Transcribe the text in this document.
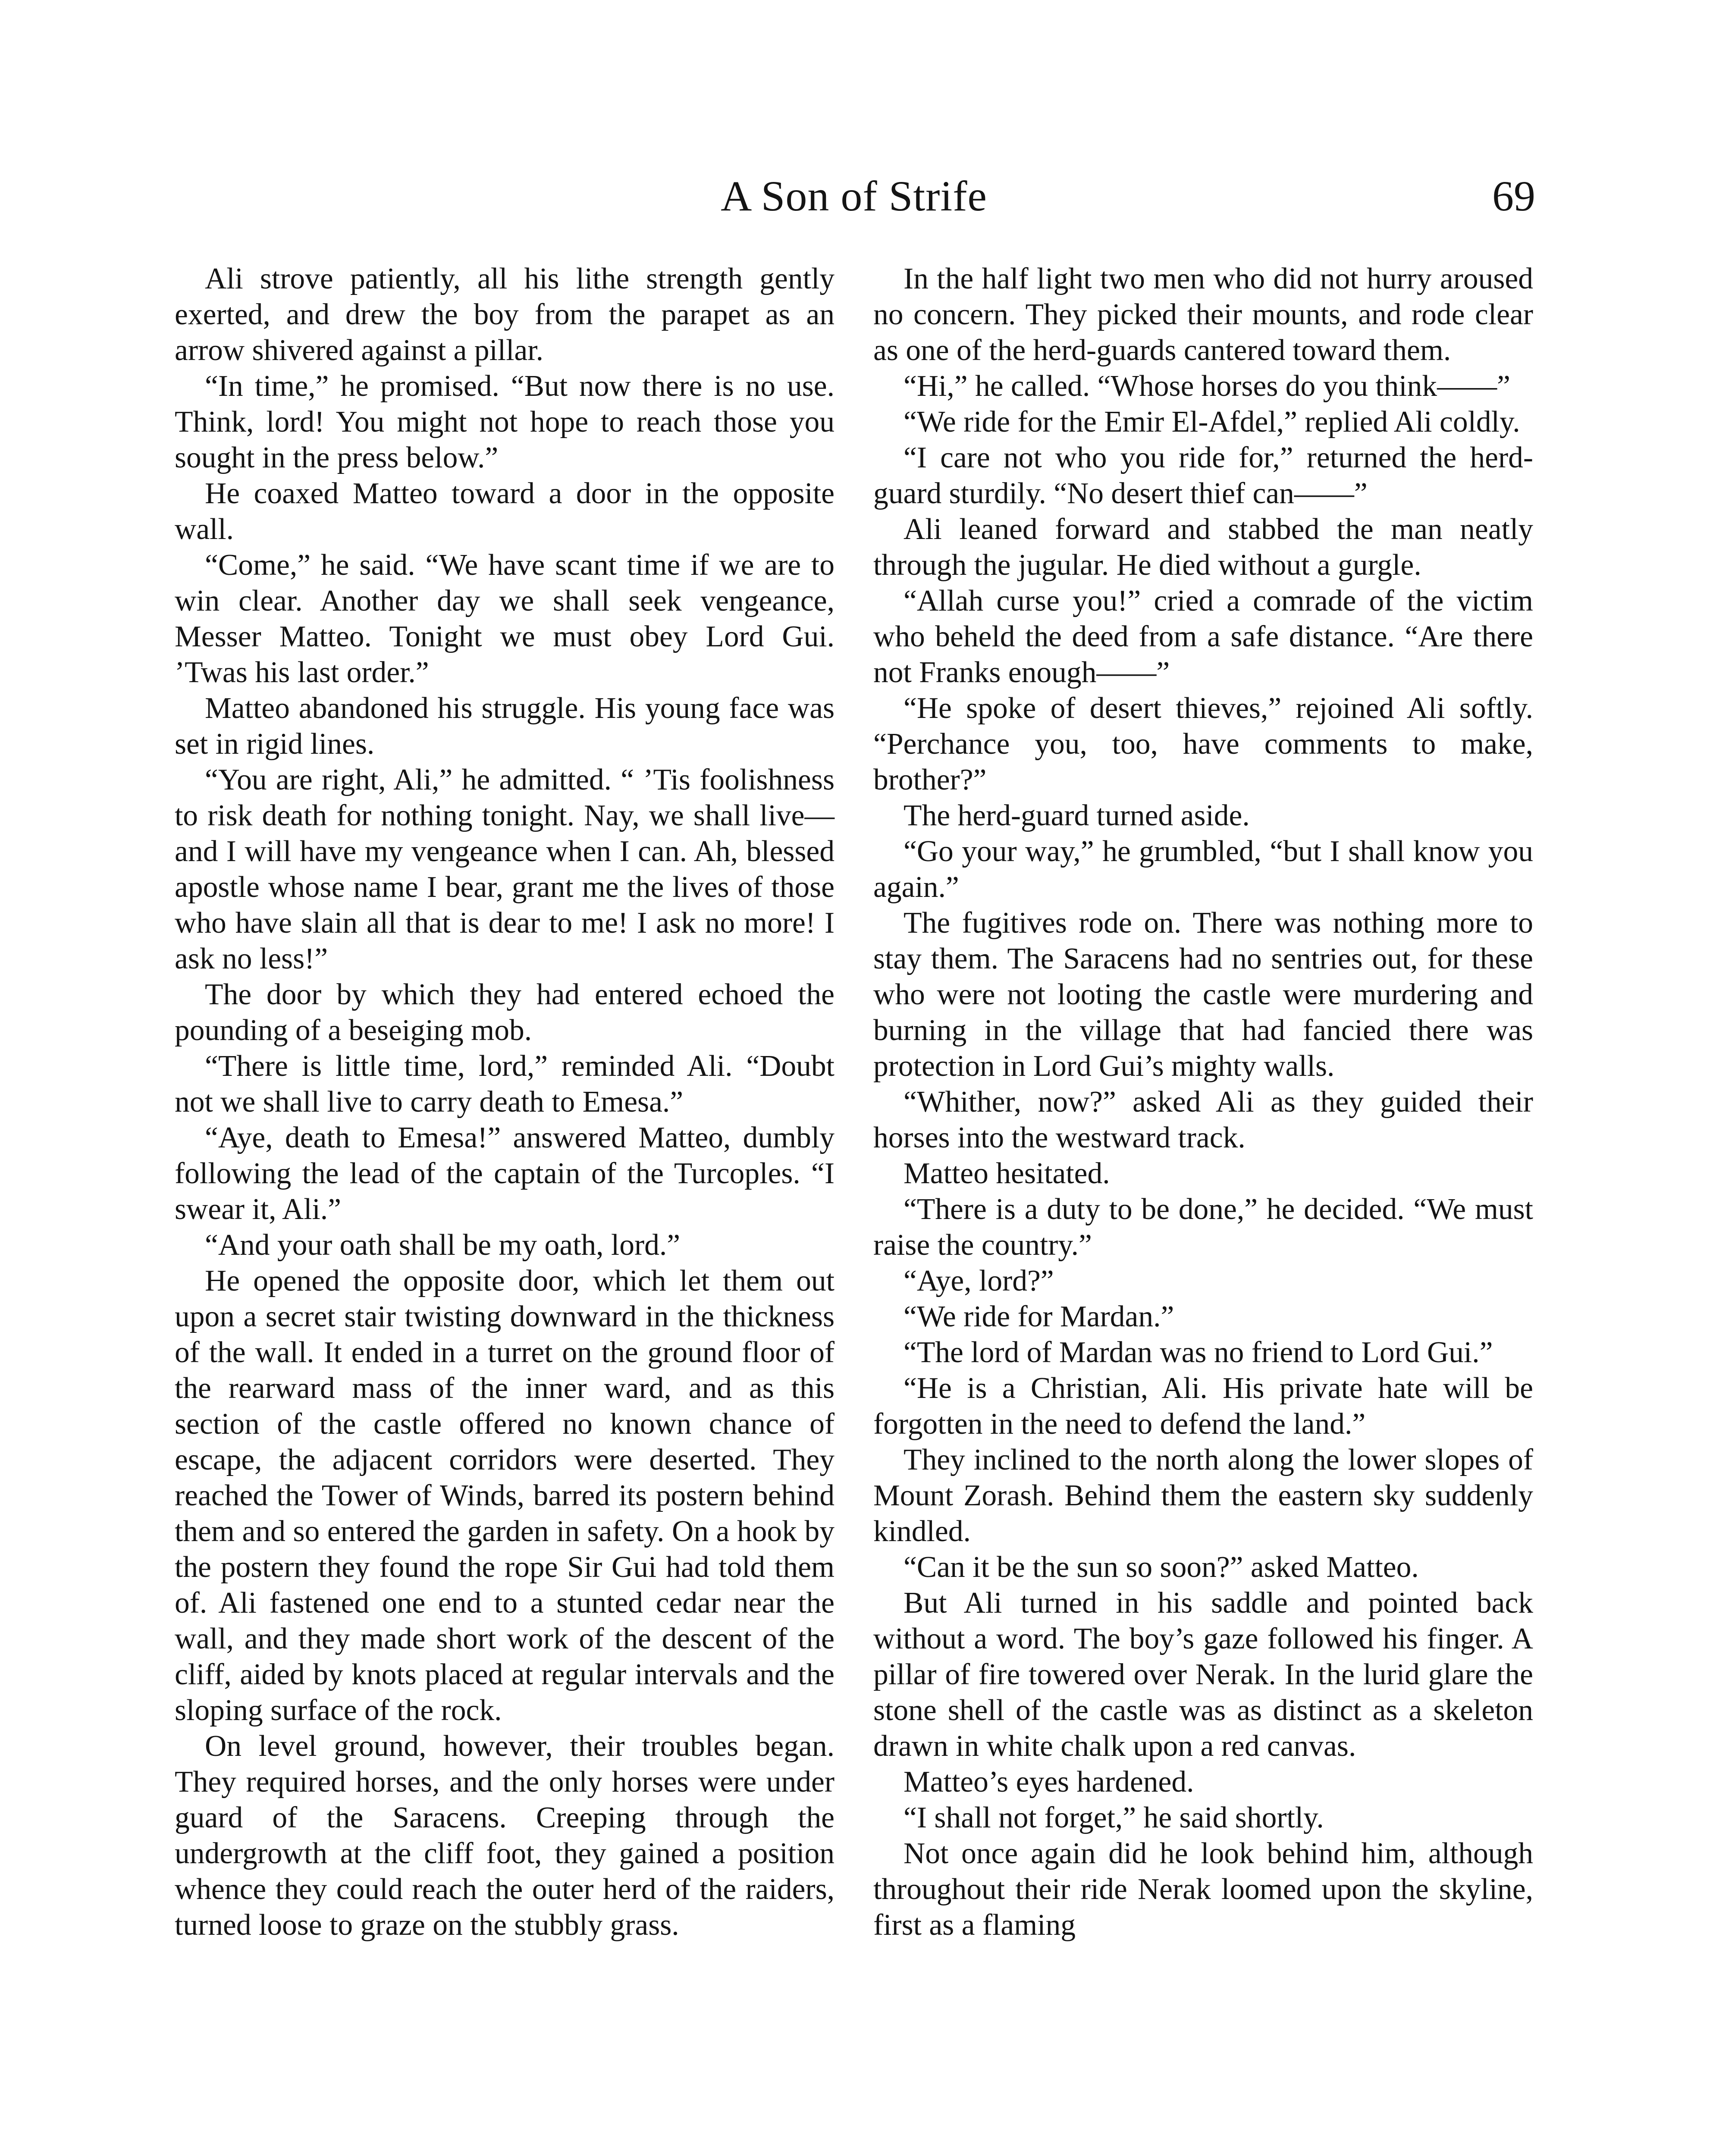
A Son of Strife	69

Ali strove patiently, all his lithe strength gently exerted, and drew the boy from the parapet as an arrow shivered against a pillar.

“In time,” he promised. “But now there is no use. Think, lord! You might not hope to reach those you sought in the press below.”

He coaxed Matteo toward a door in the opposite wall.

“Come,” he said. “We have scant time if we are to win clear. Another day we shall seek vengeance, Messer Matteo. Tonight we must obey Lord Gui. ’Twas his last order.”

Matteo abandoned his struggle. His young face was set in rigid lines.

“You are right, Ali,” he admitted. “ ’Tis foolishness to risk death for nothing tonight. Nay, we shall live—and I will have my vengeance when I can. Ah, blessed apostle whose name I bear, grant me the lives of those who have slain all that is dear to me! I ask no more! I ask no less!”

The door by which they had entered echoed the pounding of a beseiging mob.

“There is little time, lord,” reminded Ali. “Doubt not we shall live to carry death to Emesa.”

“Aye, death to Emesa!” answered Matteo, dumbly following the lead of the captain of the Turcoples. “I swear it, Ali.”

“And your oath shall be my oath, lord.”

He opened the opposite door, which let them out upon a secret stair twisting downward in the thickness of the wall. It ended in a turret on the ground floor of the rearward mass of the inner ward, and as this section of the castle offered no known chance of escape, the adjacent corridors were deserted. They reached the Tower of Winds, barred its postern behind them and so entered the garden in safety. On a hook by the postern they found the rope Sir Gui had told them of. Ali fastened one end to a stunted cedar near the wall, and they made short work of the descent of the cliff, aided by knots placed at regular intervals and the sloping surface of the rock.

On level ground, however, their troubles began. They required horses, and the only horses were under guard of the Saracens. Creeping through the undergrowth at the cliff foot, they gained a position whence they could reach the outer herd of the raiders, turned loose to graze on the stubbly grass.

In the half light two men who did not hurry aroused no concern. They picked their mounts, and rode clear as one of the herd-guards cantered toward them.

“Hi,” he called. “Whose horses do you think——”

“We ride for the Emir El-Afdel,” replied Ali coldly.

“I care not who you ride for,” returned the herd-guard sturdily. “No desert thief can——”

Ali leaned forward and stabbed the man neatly through the jugular. He died without a gurgle.

“Allah curse you!” cried a comrade of the victim who beheld the deed from a safe distance. “Are there not Franks enough——”

“He spoke of desert thieves,” rejoined Ali softly. “Perchance you, too, have comments to make, brother?”

The herd-guard turned aside.

“Go your way,” he grumbled, “but I shall know you again.”

The fugitives rode on. There was nothing more to stay them. The Saracens had no sentries out, for these who were not looting the castle were murdering and burning in the village that had fancied there was protection in Lord Gui’s mighty walls.

“Whither, now?” asked Ali as they guided their horses into the westward track.

Matteo hesitated.

“There is a duty to be done,” he decided. “We must raise the country.”

“Aye, lord?”

“We ride for Mardan.”

“The lord of Mardan was no friend to Lord Gui.”

“He is a Christian, Ali. His private hate will be forgotten in the need to defend the land.”

They inclined to the north along the lower slopes of Mount Zorash. Behind them the eastern sky suddenly kindled.

“Can it be the sun so soon?” asked Matteo.

But Ali turned in his saddle and pointed back without a word. The boy’s gaze followed his finger. A pillar of fire towered over Nerak. In the lurid glare the stone shell of the castle was as distinct as a skeleton drawn in white chalk upon a red canvas.

Matteo’s eyes hardened.

“I shall not forget,” he said shortly.

Not once again did he look behind him, although throughout their ride Nerak loomed upon the skyline, first as a flaming
